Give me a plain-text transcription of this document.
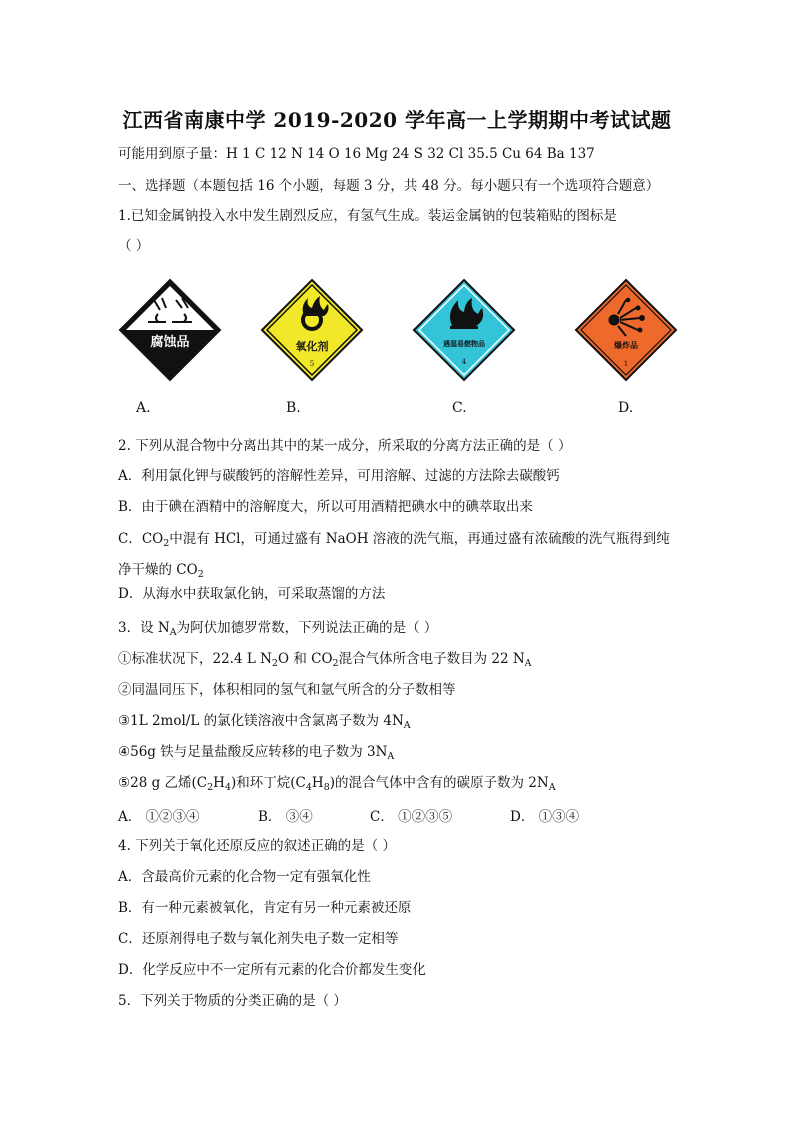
江西省南康中学 2019-2020 学年高一上学期期中考试试题
可能用到原子量：H 1 C 12 N 14 O 16 Mg 24 S 32 Cl 35.5 Cu 64 Ba 137
一、选择题（本题包括 16 个小题，每题 3 分，共 48 分。每小题只有一个选项符合题意）
1.已知金属钠投入水中发生剧烈反应，有氢气生成。装运金属钠的包装箱贴的图标是
（ ）
腐蚀品	氧化剂
5
遇湿易燃物品
4
爆炸品
1
A.	B.	C.	D.
2. 下列从混合物中分离出其中的某一成分，所采取的分离方法正确的是（ ）
A．利用氯化钾与碳酸钙的溶解性差异，可用溶解、过滤的方法除去碳酸钙
B．由于碘在酒精中的溶解度大，所以可用酒精把碘水中的碘萃取出来
C．$CO_2$中混有 HCl，可通过盛有 NaOH 溶液的洗气瓶，再通过盛有浓硫酸的洗气瓶得到纯
净干燥的 $CO_2$
D．从海水中获取氯化钠，可采取蒸馏的方法
3．设 $N_A$为阿伏加德罗常数，下列说法正确的是（ ）
①标准状况下，22.4 L $N_2O$ 和 $CO_2$混合气体所含电子数目为 22 $N_A$
②同温同压下，体积相同的氢气和氩气所含的分子数相等
③1L 2mol/L 的氯化镁溶液中含氯离子数为 $4N_A$
④56g 铁与足量盐酸反应转移的电子数为 $3N_A$
⑤28 g 乙烯$(C_2H_4)$和环丁烷$(C_4H_8)$的混合气体中含有的碳原子数为 $2N_A$
A． ①②③④	B． ③④	C． ①②③⑤	D． ①③④
4. 下列关于氧化还原反应的叙述正确的是（ ）
A．含最高价元素的化合物一定有强氧化性
B．有一种元素被氧化，肯定有另一种元素被还原
C．还原剂得电子数与氧化剂失电子数一定相等
D．化学反应中不一定所有元素的化合价都发生变化
5．下列关于物质的分类正确的是（ ）
